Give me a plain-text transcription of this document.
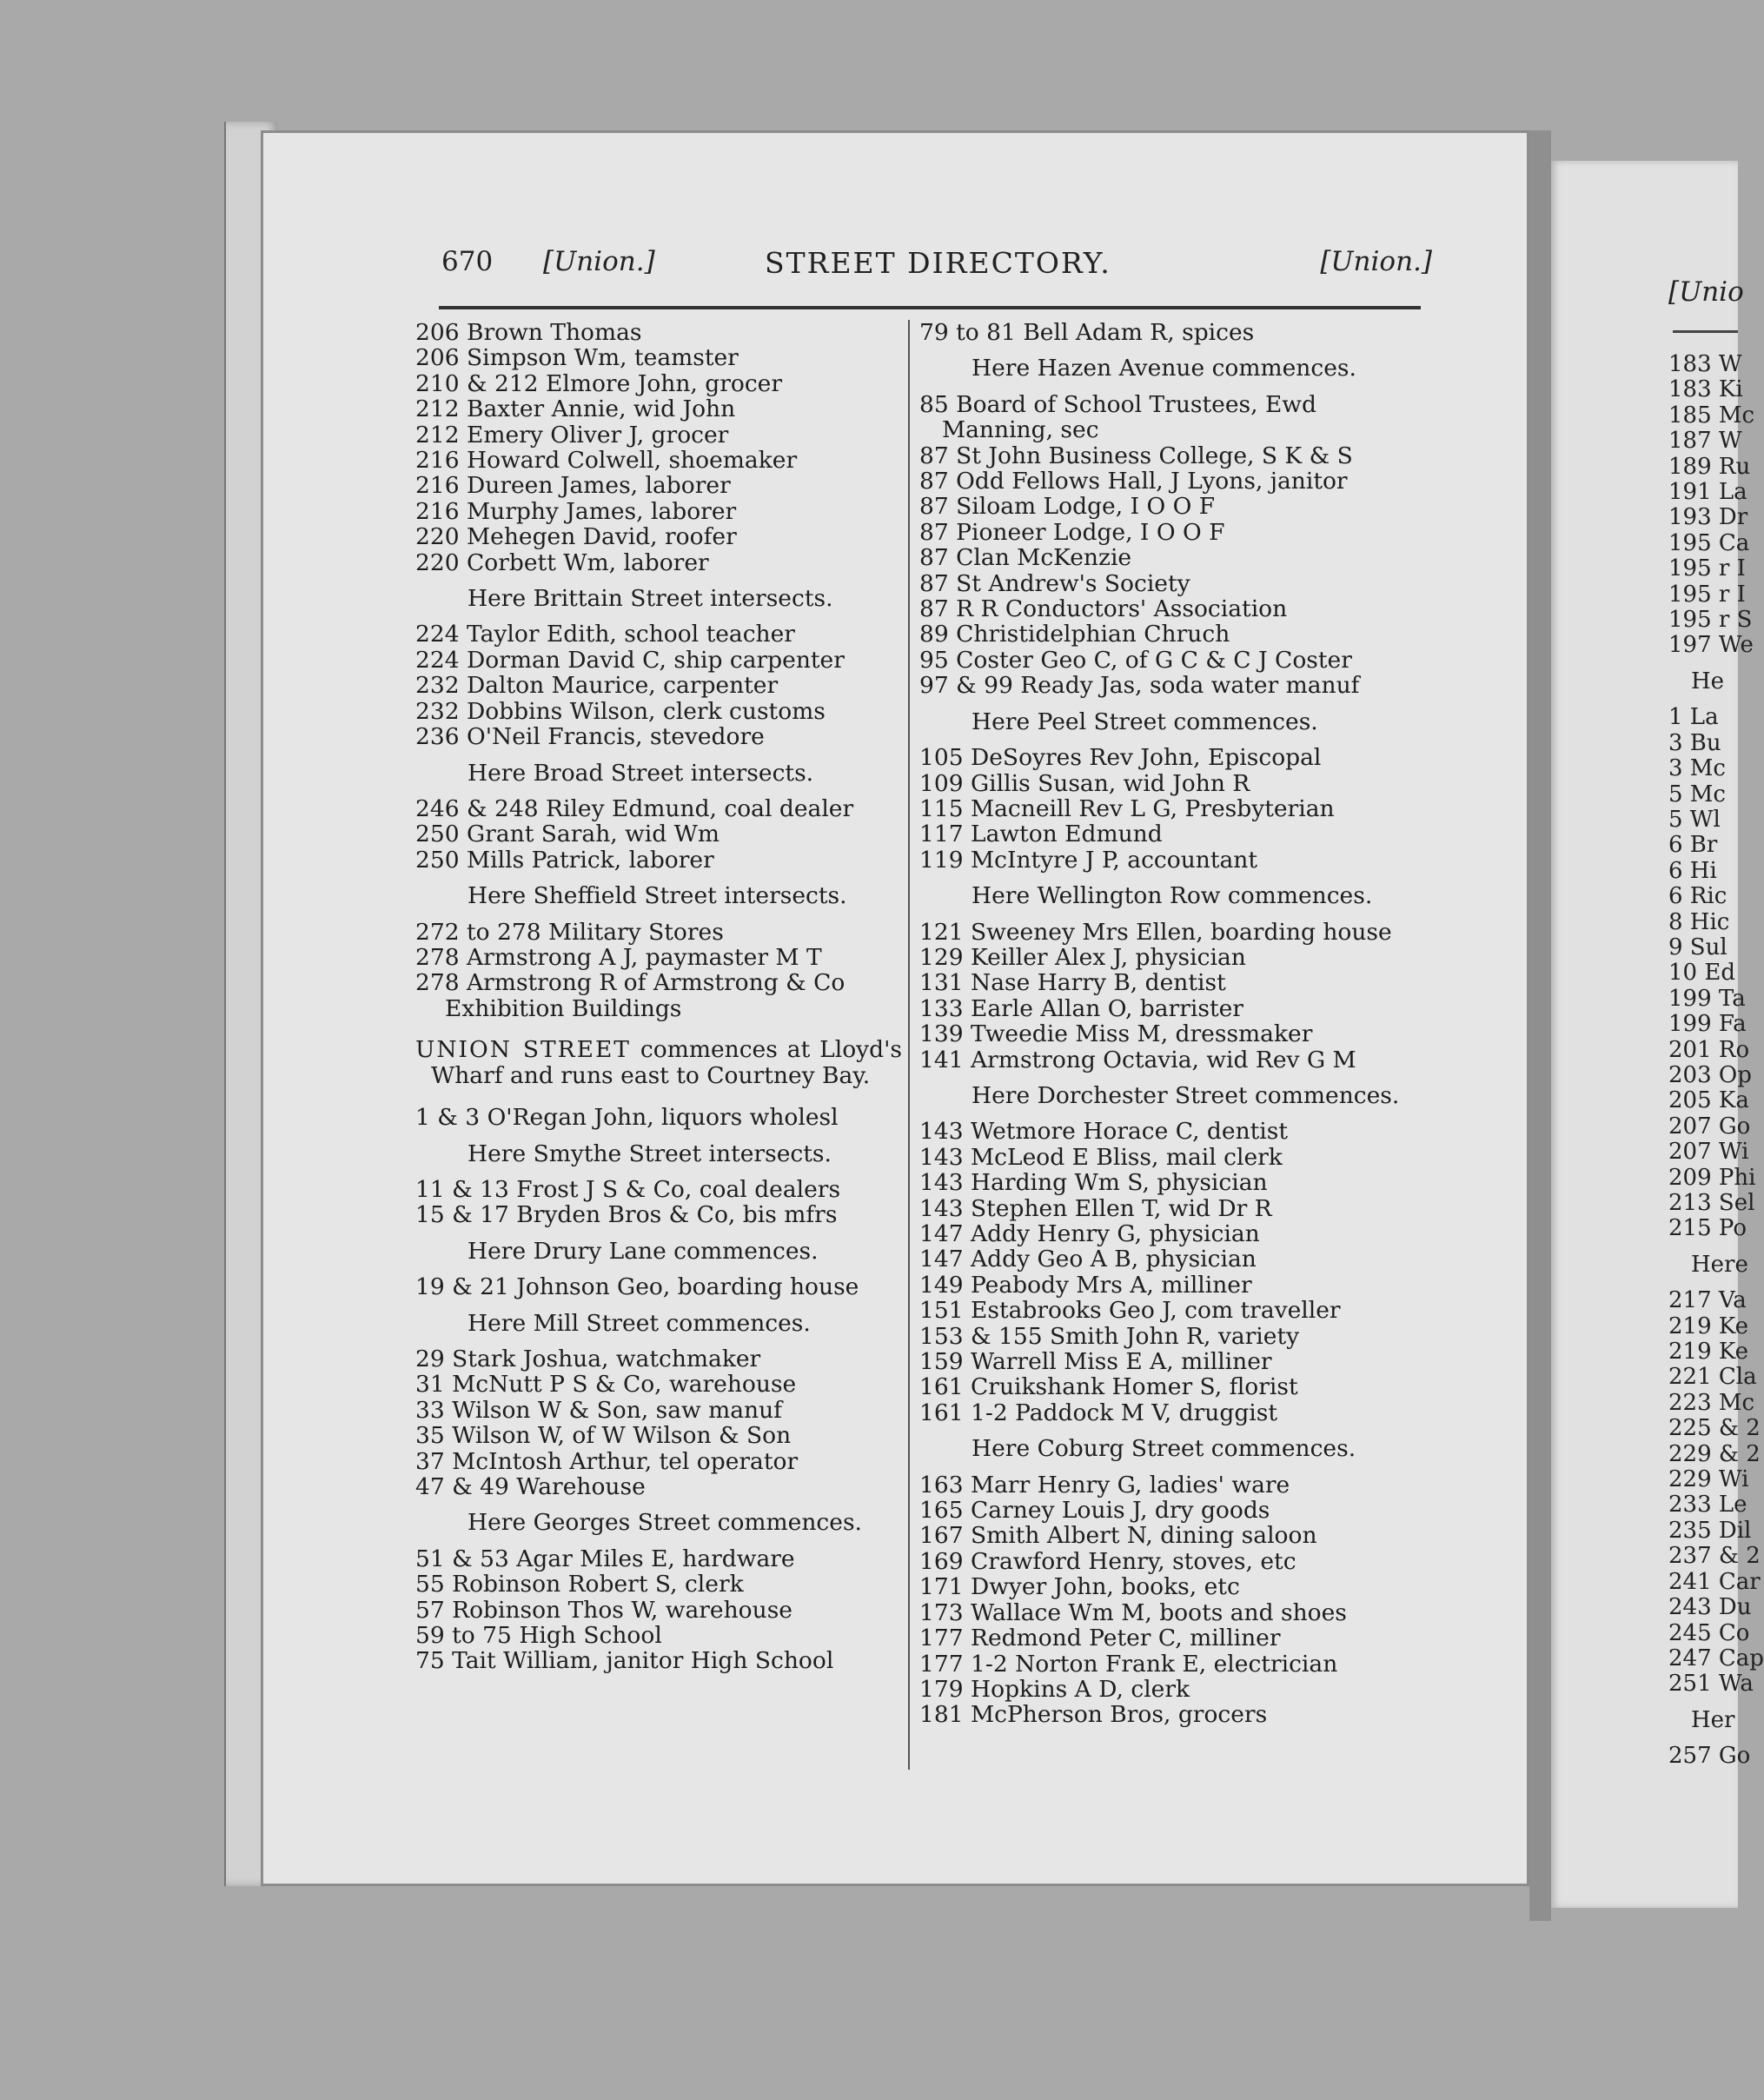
670 [Union.]	STREET DIRECTORY.	[Union.]
206 Brown Thomas
206 Simpson Wm, teamster
210 & 212 Elmore John, grocer
212 Baxter Annie, wid John
212 Emery Oliver J, grocer
216 Howard Colwell, shoemaker
216 Dureen James, laborer
216 Murphy James, laborer
220 Mehegen David, roofer
220 Corbett Wm, laborer
Here Brittain Street intersects.
224 Taylor Edith, school teacher
224 Dorman David C, ship carpenter
232 Dalton Maurice, carpenter
232 Dobbins Wilson, clerk customs
236 O'Neil Francis, stevedore
Here Broad Street intersects.
246 & 248 Riley Edmund, coal dealer
250 Grant Sarah, wid Wm
250 Mills Patrick, laborer
Here Sheffield Street intersects.
272 to 278 Military Stores
278 Armstrong A J, paymaster M T
278 Armstrong R of Armstrong & Co
Exhibition Buildings
UNION STREET commences at Lloyd's Wharf and runs east to Courtney Bay.
1 & 3 O'Regan John, liquors wholesl
Here Smythe Street intersects.
11 & 13 Frost J S & Co, coal dealers
15 & 17 Bryden Bros & Co, bis mfrs
Here Drury Lane commences.
19 & 21 Johnson Geo, boarding house
Here Mill Street commences.
29 Stark Joshua, watchmaker
31 McNutt P S & Co, warehouse
33 Wilson W & Son, saw manuf
35 Wilson W, of W Wilson & Son
37 McIntosh Arthur, tel operator
47 & 49 Warehouse
Here Georges Street commences.
51 & 53 Agar Miles E, hardware
55 Robinson Robert S, clerk
57 Robinson Thos W, warehouse
59 to 75 High School
75 Tait William, janitor High School
79 to 81 Bell Adam R, spices
Here Hazen Avenue commences.
85 Board of School Trustees, Ewd Manning, sec
87 St John Business College, S K & S
87 Odd Fellows Hall, J Lyons, janitor
87 Siloam Lodge, I O O F
87 Pioneer Lodge, I O O F
87 Clan McKenzie
87 St Andrew's Society
87 R R Conductors' Association
89 Christidelphian Chruch
95 Coster Geo C, of G C & C J Coster
97 & 99 Ready Jas, soda water manuf
Here Peel Street commences.
105 DeSoyres Rev John, Episcopal
109 Gillis Susan, wid John R
115 Macneill Rev L G, Presbyterian
117 Lawton Edmund
119 McIntyre J P, accountant
Here Wellington Row commences.
121 Sweeney Mrs Ellen, boarding house
129 Keiller Alex J, physician
131 Nase Harry B, dentist
133 Earle Allan O, barrister
139 Tweedie Miss M, dressmaker
141 Armstrong Octavia, wid Rev G M
Here Dorchester Street commences.
143 Wetmore Horace C, dentist
143 McLeod E Bliss, mail clerk
143 Harding Wm S, physician
143 Stephen Ellen T, wid Dr R
147 Addy Henry G, physician
147 Addy Geo A B, physician
149 Peabody Mrs A, milliner
151 Estabrooks Geo J, com traveller
153 & 155 Smith John R, variety
159 Warrell Miss E A, milliner
161 Cruikshank Homer S, florist
161 1-2 Paddock M V, druggist
Here Coburg Street commences.
163 Marr Henry G, ladies' ware
165 Carney Louis J, dry goods
167 Smith Albert N, dining saloon
169 Crawford Henry, stoves, etc
171 Dwyer John, books, etc
173 Wallace Wm M, boots and shoes
177 Redmond Peter C, milliner
177 1-2 Norton Frank E, electrician
179 Hopkins A D, clerk
181 McPherson Bros, grocers
[Unio
183 W
183 Ki
185 Mc
187 W
189 Ru
191 La
193 Dr
195 Ca
195 r I
195 r I
195 r S
197 We
He
1 La
3 Bu
3 Mc
5 Mc
5 Wl
6 Br
6 Hi
6 Ric
8 Hic
9 Sul
10 Ed
199 Ta
199 Fa
201 Ro
203 Op
205 Ka
207 Go
207 Wi
209 Phi
213 Sel
215 Po
Here
217 Va
219 Ke
219 Ke
221 Cla
223 Mc
225 & 2
229 & 2
229 Wi
233 Le
235 Dil
237 & 2
241 Car
243 Du
245 Co
247 Cap
251 Wa
Her
257 Go
